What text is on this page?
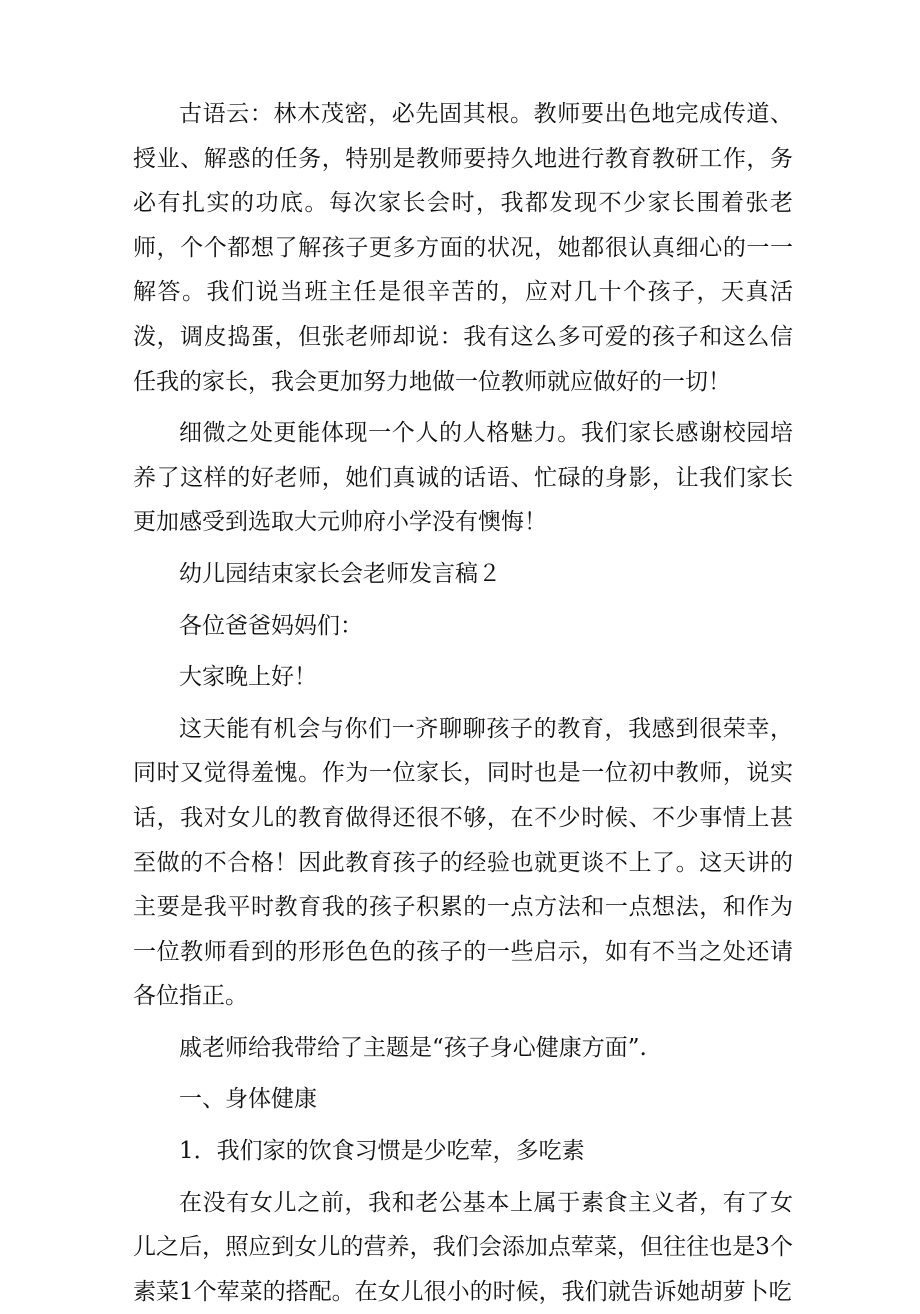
古语云：林木茂密，必先固其根。教师要出色地完成传道、授业、解惑的任务，特别是教师要持久地进行教育教研工作，务必有扎实的功底。每次家长会时，我都发现不少家长围着张老师，个个都想了解孩子更多方面的状况，她都很认真细心的一一解答。我们说当班主任是很辛苦的，应对几十个孩子，天真活泼，调皮捣蛋，但张老师却说：我有这么多可爱的孩子和这么信任我的家长，我会更加努力地做一位教师就应做好的一切！

细微之处更能体现一个人的人格魅力。我们家长感谢校园培养了这样的好老师，她们真诚的话语、忙碌的身影，让我们家长更加感受到选取大元帅府小学没有懊悔！

幼儿园结束家长会老师发言稿２

各位爸爸妈妈们：

大家晚上好！

这天能有机会与你们一齐聊聊孩子的教育，我感到很荣幸，同时又觉得羞愧。作为一位家长，同时也是一位初中教师，说实话，我对女儿的教育做得还很不够，在不少时候、不少事情上甚至做的不合格！因此教育孩子的经验也就更谈不上了。这天讲的主要是我平时教育我的孩子积累的一点方法和一点想法，和作为一位教师看到的形形色色的孩子的一些启示，如有不当之处还请各位指正。

戚老师给我带给了主题是“孩子身心健康方面”.

一、身体健康

1．我们家的饮食习惯是少吃荤，多吃素

在没有女儿之前，我和老公基本上属于素食主义者，有了女儿之后，照应到女儿的营养，我们会添加点荤菜，但往往也是3个素菜1个荤菜的搭配。在女儿很小的时候，我们就告诉她胡萝卜吃
